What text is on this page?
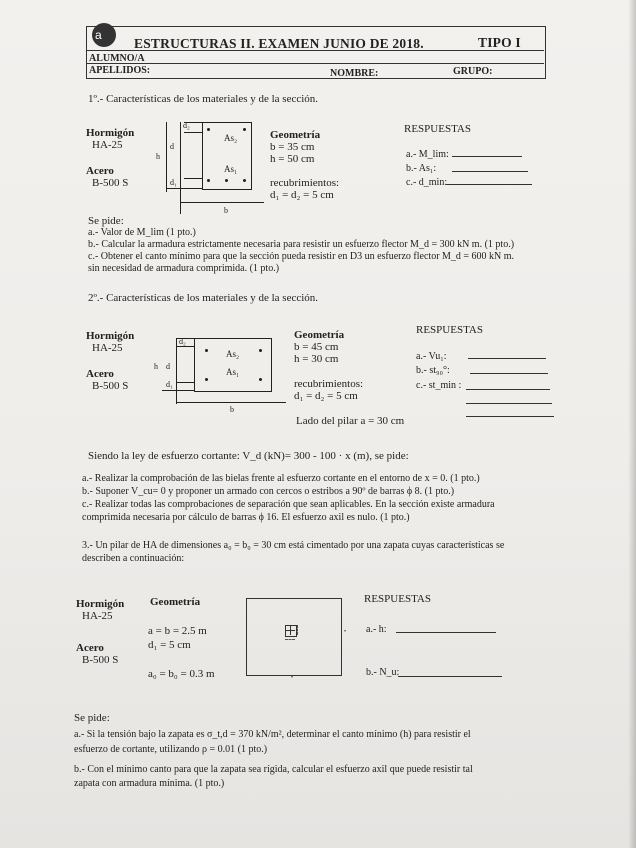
a
ESTRUCTURAS II. EXAMEN JUNIO DE 2018.	TIPO I
ALUMNO/A
APELLIDOS:	NOMBRE:	GRUPO:
1º.- Características de los materiales y de la sección.
Hormigón
HA-25
Acero
B-500 S
d₂
d
h
d₁
b
As₂
As₁
Geometría
b = 35 cm
h = 50 cm
recubrimientos:
d₁ = d₂ = 5 cm
RESPUESTAS
a.- M_lim:
b.- As₁:
c.- d_min:
Se pide:
a.- Valor de M_lim (1 pto.)
b.- Calcular la armadura estrictamente necesaria para resistir un esfuerzo flector M_d = 300 kN m. (1 pto.)
c.- Obtener el canto mínimo para que la sección pueda resistir en D3 un esfuerzo flector M_d = 600 kN m.
sin necesidad de armadura comprimida. (1 pto.)
2º.- Características de los materiales y de la sección.
Hormigón
HA-25
Acero
B-500 S
d₂
d
h
d₁
b
As₂
As₁
Geometría
b = 45 cm
h = 30 cm
recubrimientos:
d₁ = d₂ = 5 cm
Lado del pilar a = 30 cm
RESPUESTAS
a.- Vu₁:
b.- st₉₀°:
c.- st_min :
Siendo la ley de esfuerzo cortante: V_d (kN)= 300 - 100 · x (m), se pide:
a.- Realizar la comprobación de las bielas frente al esfuerzo cortante en el entorno de x = 0. (1 pto.)
b.- Suponer V_cu= 0 y proponer un armado con cercos o estribos a 90º de barras ϕ 8. (1 pto.)
c.- Realizar todas las comprobaciones de separación que sean aplicables. En la sección existe armadura
comprimida necesaria por cálculo de barras ϕ 16. El esfuerzo axil es nulo. (1 pto.)
3.- Un pilar de HA de dimensiones a₀ = b₀ = 30 cm está cimentado por una zapata cuyas características se
describen a continuación:
Hormigón
HA-25
Acero
B-500 S
Geometría
a = b = 2.5 m
d₁ = 5 cm
a₀ = b₀ = 0.3 m
•
•
RESPUESTAS
a.- h:
b.- N_u:
Se pide:
a.- Si la tensión bajo la zapata es σ_t,d = 370 kN/m², determinar el canto mínimo (h) para resistir el
esfuerzo de cortante, utilizando ρ = 0.01 (1 pto.)
b.- Con el mínimo canto para que la zapata sea rígida, calcular el esfuerzo axil que puede resistir tal
zapata con armadura mínima. (1 pto.)
